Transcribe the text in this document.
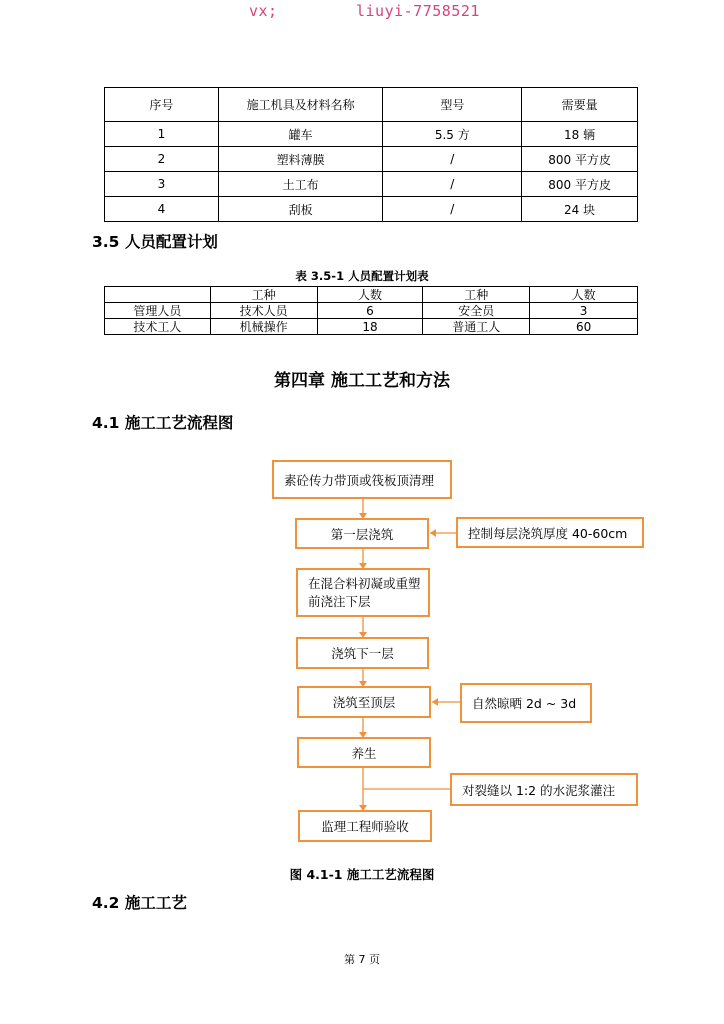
vx;	liuyi-7758521
序号	施工机具及材料名称	型号	需要量
1	罐车	5.5 方	18 辆
2	塑料薄膜	/	800 平方皮
3	土工布	/	800 平方皮
4	刮板	/	24 块
3.5 人员配置计划
表 3.5-1 人员配置计划表
	工种	人数	工种	人数
管理人员	技术人员	6	安全员	3
技术工人	机械操作	18	普通工人	60
第四章 施工工艺和方法
4.1 施工工艺流程图
素砼传力带顶或筏板顶清理
第一层浇筑
在混合料初凝或重塑
前浇注下层
浇筑下一层
浇筑至顶层
养生
监理工程师验收
控制每层浇筑厚度 40-60cm
自然晾晒 2d ~ 3d
对裂缝以 1:2 的水泥浆灌注
图 4.1-1 施工工艺流程图
4.2 施工工艺
第 7 页
